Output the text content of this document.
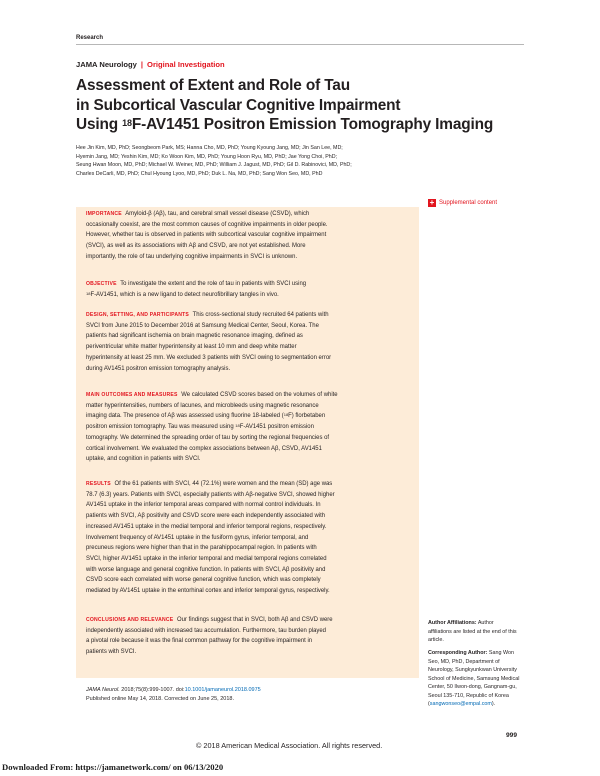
Research
JAMA Neurology | Original Investigation
Assessment of Extent and Role of Tau
in Subcortical Vascular Cognitive Impairment
Using $^{18}$F-AV1451 Positron Emission Tomography Imaging
Hee Jin Kim, MD, PhD; Seongbeom Park, MS; Hanna Cho, MD, PhD; Young Kyoung Jang, MD; Jin San Lee, MD;
Hyemin Jang, MD; Yeshin Kim, MD; Ko Woon Kim, MD, PhD; Young Hoon Ryu, MD, PhD; Jae Yong Choi, PhD;
Seung Hwan Moon, MD, PhD; Michael W. Weiner, MD, PhD; William J. Jagust, MD, PhD; Gil D. Rabinovici, MD, PhD;
Charles DeCarli, MD, PhD; Chul Hyoung Lyoo, MD, PhD; Duk L. Na, MD, PhD; Sang Won Seo, MD, PhD
+ Supplemental content
IMPORTANCE Amyloid-β (Aβ), tau, and cerebral small vessel disease (CSVD), which
occasionally coexist, are the most common causes of cognitive impairments in older people.
However, whether tau is observed in patients with subcortical vascular cognitive impairment
(SVCI), as well as its associations with Aβ and CSVD, are not yet established. More
importantly, the role of tau underlying cognitive impairments in SVCI is unknown.
OBJECTIVE To investigate the extent and the role of tau in patients with SVCI using
$^{18}$F-AV1451, which is a new ligand to detect neurofibrillary tangles in vivo.
DESIGN, SETTING, AND PARTICIPANTS This cross-sectional study recruited 64 patients with
SVCI from June 2015 to December 2016 at Samsung Medical Center, Seoul, Korea. The
patients had significant ischemia on brain magnetic resonance imaging, defined as
periventricular white matter hyperintensity at least 10 mm and deep white matter
hyperintensity at least 25 mm. We excluded 3 patients with SVCI owing to segmentation error
during AV1451 positron emission tomography analysis.
MAIN OUTCOMES AND MEASURES We calculated CSVD scores based on the volumes of white
matter hyperintensities, numbers of lacunes, and microbleeds using magnetic resonance
imaging data. The presence of Aβ was assessed using fluorine 18-labeled ($^{18}$F) florbetaben
positron emission tomography. Tau was measured using $^{18}$F-AV1451 positron emission
tomography. We determined the spreading order of tau by sorting the regional frequencies of
cortical involvement. We evaluated the complex associations between Aβ, CSVD, AV1451
uptake, and cognition in patients with SVCI.
RESULTS Of the 61 patients with SVCI, 44 (72.1%) were women and the mean (SD) age was
78.7 (6.3) years. Patients with SVCI, especially patients with Aβ-negative SVCI, showed higher
AV1451 uptake in the inferior temporal areas compared with normal control individuals. In
patients with SVCI, Aβ positivity and CSVD score were each independently associated with
increased AV1451 uptake in the medial temporal and inferior temporal regions, respectively.
Involvement frequency of AV1451 uptake in the fusiform gyrus, inferior temporal, and
precuneus regions were higher than that in the parahippocampal region. In patients with
SVCI, higher AV1451 uptake in the inferior temporal and medial temporal regions correlated
with worse language and general cognitive function. In patients with SVCI, Aβ positivity and
CSVD score each correlated with worse general cognitive function, which was completely
mediated by AV1451 uptake in the entorhinal cortex and inferior temporal gyrus, respectively.
CONCLUSIONS AND RELEVANCE Our findings suggest that in SVCI, both Aβ and CSVD were
independently associated with increased tau accumulation. Furthermore, tau burden played
a pivotal role because it was the final common pathway for the cognitive impairment in
patients with SVCI.
JAMA Neurol. 2018;75(8):999-1007. doi:10.1001/jamaneurol.2018.0975
Published online May 14, 2018. Corrected on June 25, 2018.
Author Affiliations: Author
affiliations are listed at the end of this
article.
Corresponding Author: Sang Won
Seo, MD, PhD, Department of
Neurology, Sungkyunkwan University
School of Medicine, Samsung Medical
Center, 50 Ilwon-dong, Gangnam-gu,
Seoul 135-710, Republic of Korea
(sangwonseo@empal.com).
© 2018 American Medical Association. All rights reserved.
999
Downloaded From: https://jamanetwork.com/ on 06/13/2020
